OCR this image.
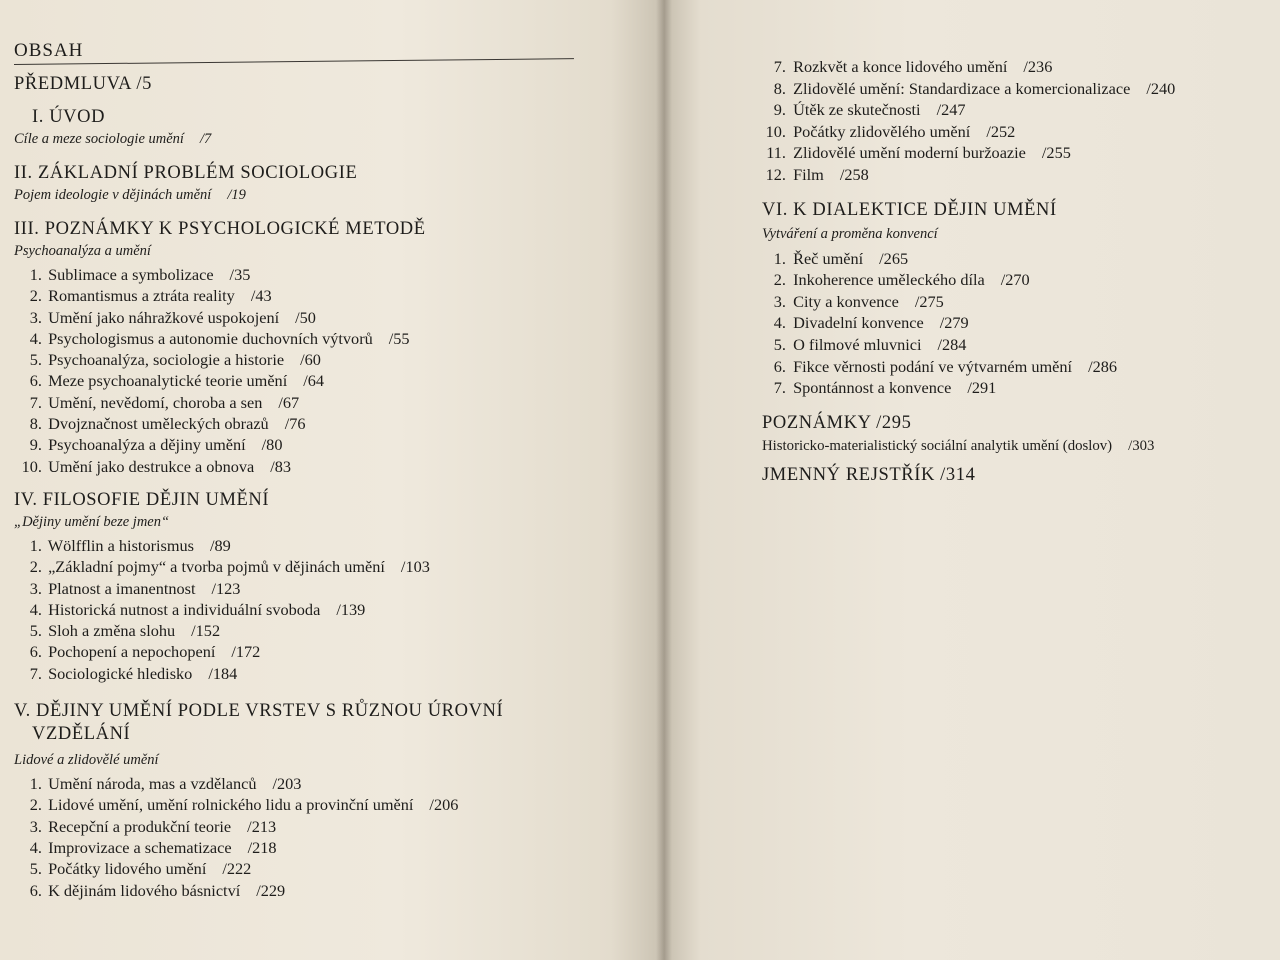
OBSAH
PŘEDMLUVA /5
I. ÚVOD
Cíle a meze sociologie umění /7
II. ZÁKLADNÍ PROBLÉM SOCIOLOGIE
Pojem ideologie v dějinách umění /19
III. POZNÁMKY K PSYCHOLOGICKÉ METODĚ
Psychoanalýza a umění
1. Sublimace a symbolizace /35
2. Romantismus a ztráta reality /43
3. Umění jako náhražkové uspokojení /50
4. Psychologismus a autonomie duchovních výtvorů /55
5. Psychoanalýza, sociologie a historie /60
6. Meze psychoanalytické teorie umění /64
7. Umění, nevědomí, choroba a sen /67
8. Dvojznačnost uměleckých obrazů /76
9. Psychoanalýza a dějiny umění /80
10. Umění jako destrukce a obnova /83
IV. FILOSOFIE DĚJIN UMĚNÍ
„Dějiny umění beze jmen“
1. Wölfflin a historismus /89
2. „Základní pojmy“ a tvorba pojmů v dějinách umění /103
3. Platnost a imanentnost /123
4. Historická nutnost a individuální svoboda /139
5. Sloh a změna slohu /152
6. Pochopení a nepochopení /172
7. Sociologické hledisko /184
V. DĚJINY UMĚNÍ PODLE VRSTEV S RŮZNOU ÚROVNÍ
VZDĚLÁNÍ
Lidové a zlidovělé umění
1. Umění národa, mas a vzdělanců /203
2. Lidové umění, umění rolnického lidu a provinční umění /206
3. Recepční a produkční teorie /213
4. Improvizace a schematizace /218
5. Počátky lidového umění /222
6. K dějinám lidového básnictví /229
7. Rozkvět a konce lidového umění /236
8. Zlidovělé umění: Standardizace a komercionalizace /240
9. Útěk ze skutečnosti /247
10. Počátky zlidovělého umění /252
11. Zlidovělé umění moderní buržoazie /255
12. Film /258
VI. K DIALEKTICE DĚJIN UMĚNÍ
Vytváření a proměna konvencí
1. Řeč umění /265
2. Inkoherence uměleckého díla /270
3. City a konvence /275
4. Divadelní konvence /279
5. O filmové mluvnici /284
6. Fikce věrnosti podání ve výtvarném umění /286
7. Spontánnost a konvence /291
POZNÁMKY /295
Historicko-materialistický sociální analytik umění (doslov) /303
JMENNÝ REJSTŘÍK /314
